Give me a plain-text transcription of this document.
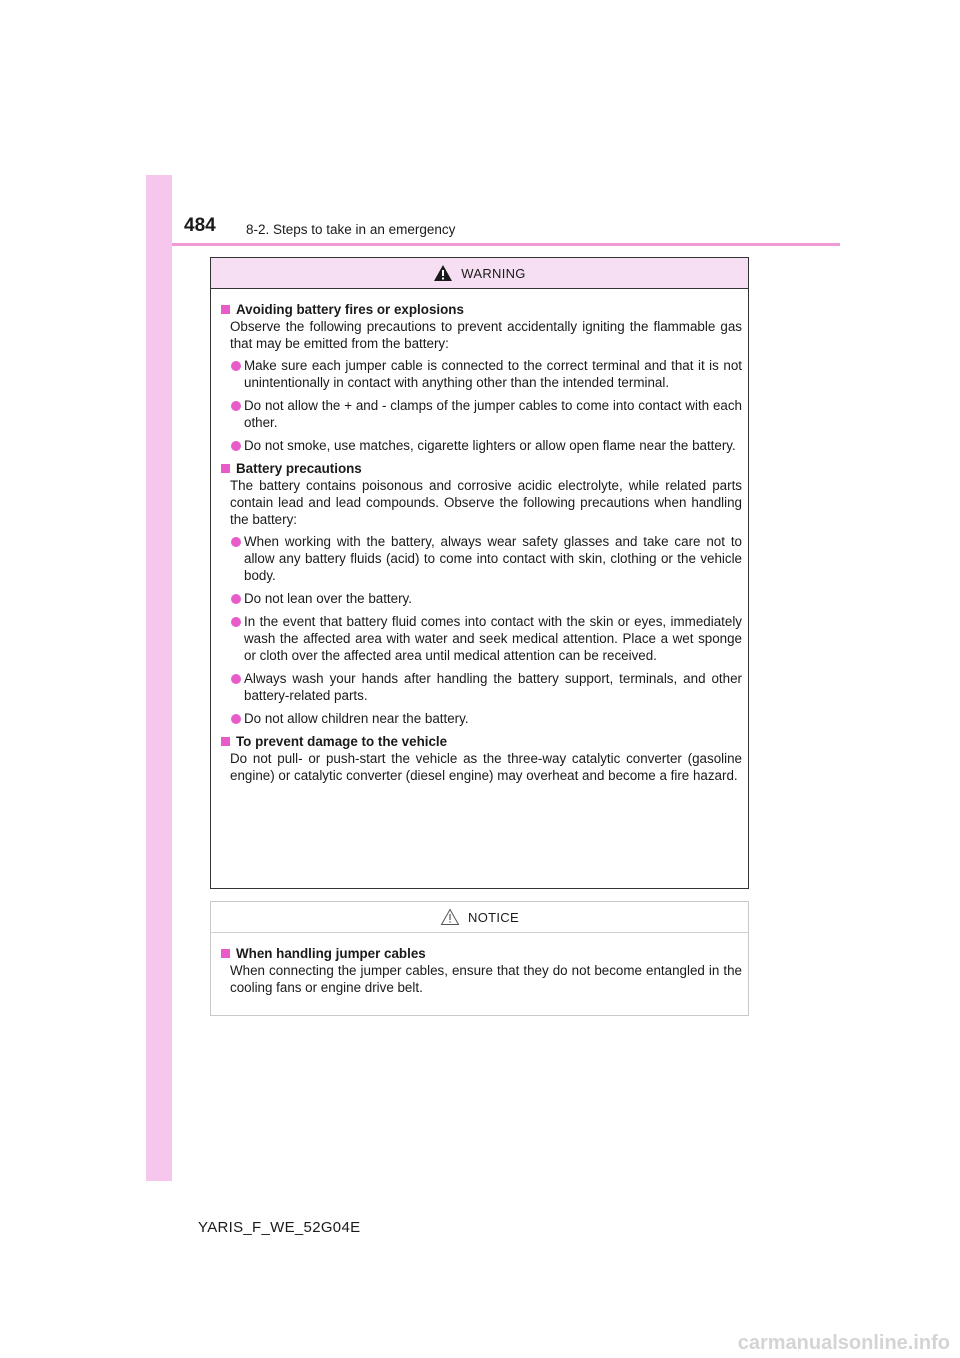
484 8-2. Steps to take in an emergency
WARNING
Avoiding battery fires or explosions
Observe the following precautions to prevent accidentally igniting the flammable gas that may be emitted from the battery:
Make sure each jumper cable is connected to the correct terminal and that it is not unintentionally in contact with anything other than the intended terminal.
Do not allow the + and - clamps of the jumper cables to come into contact with each other.
Do not smoke, use matches, cigarette lighters or allow open flame near the battery.
Battery precautions
The battery contains poisonous and corrosive acidic electrolyte, while related parts contain lead and lead compounds. Observe the following precautions when handling the battery:
When working with the battery, always wear safety glasses and take care not to allow any battery fluids (acid) to come into contact with skin, clothing or the vehicle body.
Do not lean over the battery.
In the event that battery fluid comes into contact with the skin or eyes, immediately wash the affected area with water and seek medical attention. Place a wet sponge or cloth over the affected area until medical attention can be received.
Always wash your hands after handling the battery support, terminals, and other battery-related parts.
Do not allow children near the battery.
To prevent damage to the vehicle
Do not pull- or push-start the vehicle as the three-way catalytic converter (gasoline engine) or catalytic converter (diesel engine) may overheat and become a fire hazard.
NOTICE
When handling jumper cables
When connecting the jumper cables, ensure that they do not become entangled in the cooling fans or engine drive belt.
YARIS_F_WE_52G04E
carmanualsonline.info
